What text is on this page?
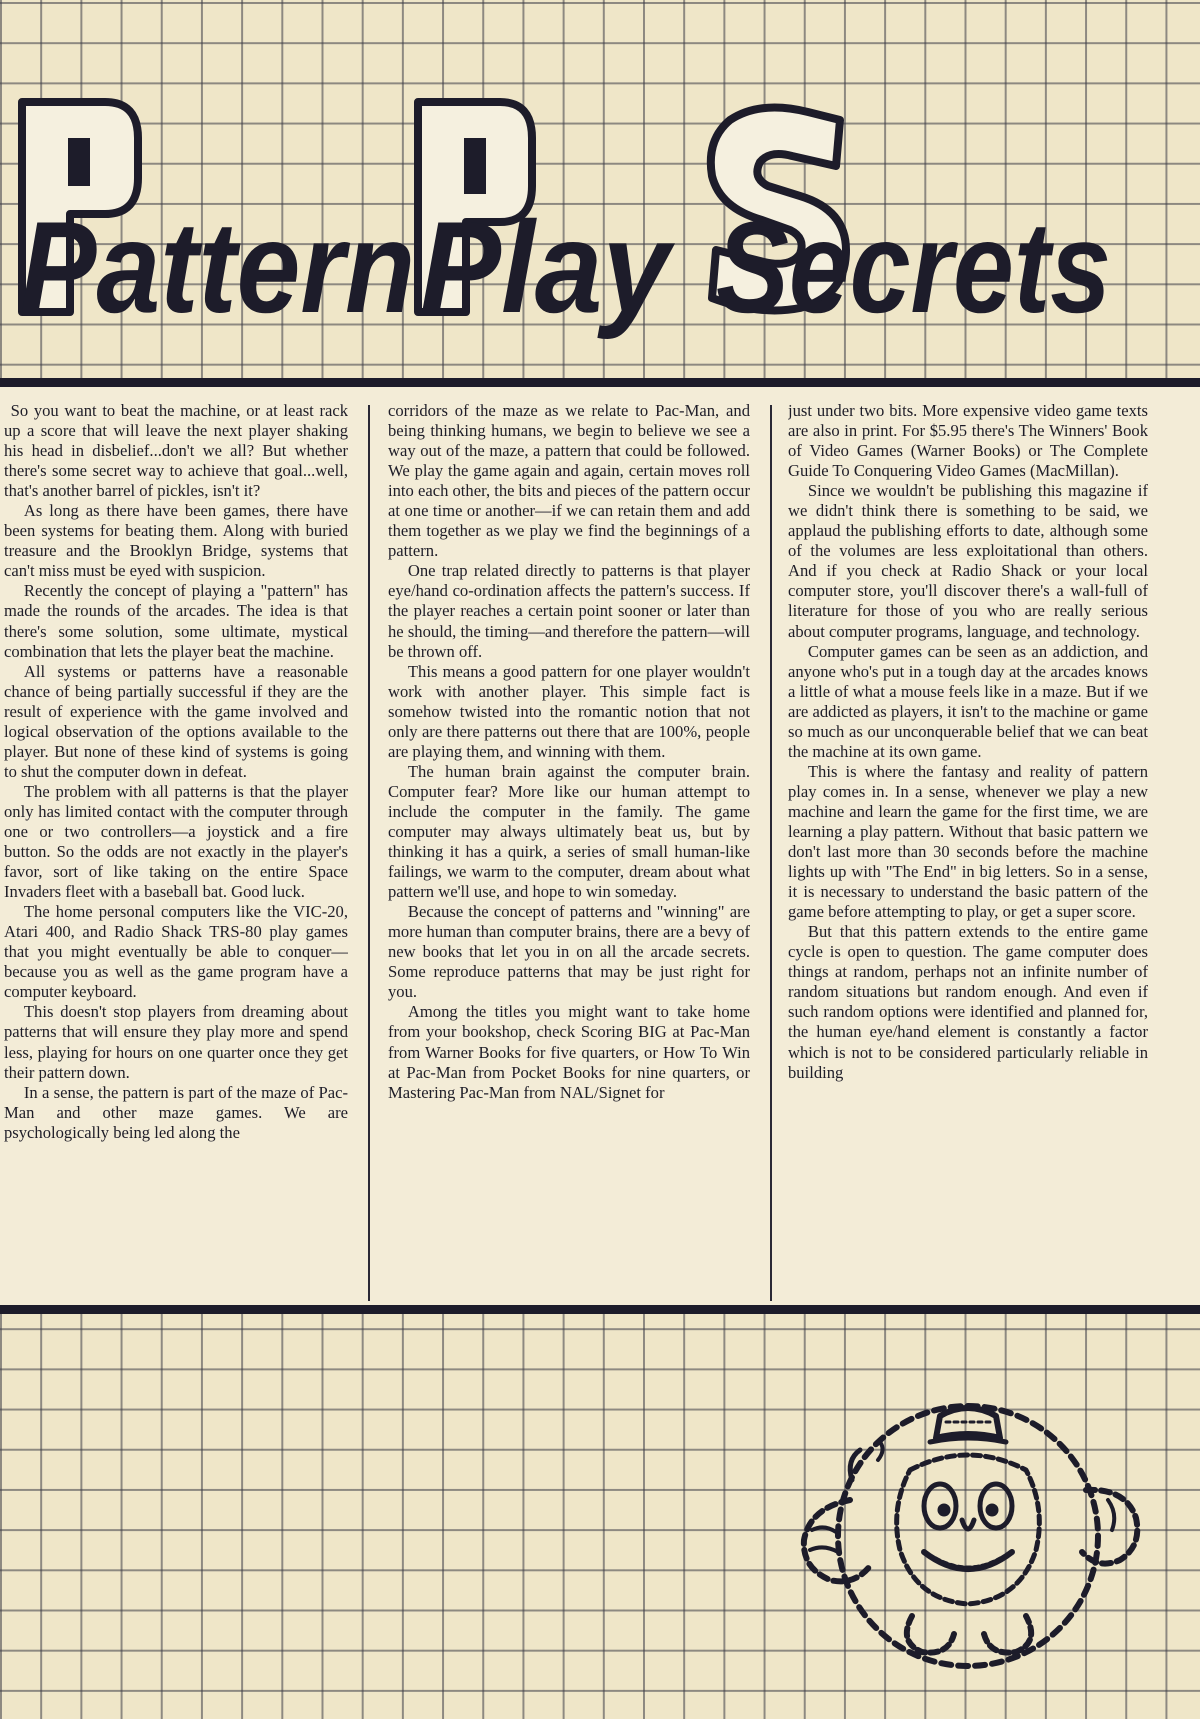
Pattern Play Secrets

So you want to beat the machine, or at least rack up a score that will leave the next player shaking his head in disbelief...don't we all? But whether there's some secret way to achieve that goal...well, that's another barrel of pickles, isn't it?

As long as there have been games, there have been systems for beating them. Along with buried treasure and the Brooklyn Bridge, systems that can't miss must be eyed with suspicion.

Recently the concept of playing a "pattern" has made the rounds of the arcades. The idea is that there's some solution, some ultimate, mystical combination that lets the player beat the machine.

All systems or patterns have a reasonable chance of being partially successful if they are the result of experience with the game involved and logical observation of the options available to the player. But none of these kind of systems is going to shut the computer down in defeat.

The problem with all patterns is that the player only has limited contact with the computer through one or two controllers—a joystick and a fire button. So the odds are not exactly in the player's favor, sort of like taking on the entire Space Invaders fleet with a baseball bat. Good luck.

The home personal computers like the VIC-20, Atari 400, and Radio Shack TRS-80 play games that you might eventually be able to conquer—because you as well as the game program have a computer keyboard.

This doesn't stop players from dreaming about patterns that will ensure they play more and spend less, playing for hours on one quarter once they get their pattern down.

In a sense, the pattern is part of the maze of Pac-Man and other maze games. We are psychologically being led along the

corridors of the maze as we relate to Pac-Man, and being thinking humans, we begin to believe we see a way out of the maze, a pattern that could be followed. We play the game again and again, certain moves roll into each other, the bits and pieces of the pattern occur at one time or another—if we can retain them and add them together as we play we find the beginnings of a pattern.

One trap related directly to patterns is that player eye/hand co-ordination affects the pattern's success. If the player reaches a certain point sooner or later than he should, the timing—and therefore the pattern—will be thrown off.

This means a good pattern for one player wouldn't work with another player. This simple fact is somehow twisted into the romantic notion that not only are there patterns out there that are 100%, people are playing them, and winning with them.

The human brain against the computer brain. Computer fear? More like our human attempt to include the computer in the family. The game computer may always ultimately beat us, but by thinking it has a quirk, a series of small human-like failings, we warm to the computer, dream about what pattern we'll use, and hope to win someday.

Because the concept of patterns and "winning" are more human than computer brains, there are a bevy of new books that let you in on all the arcade secrets. Some reproduce patterns that may be just right for you.

Among the titles you might want to take home from your bookshop, check Scoring BIG at Pac-Man from Warner Books for five quarters, or How To Win at Pac-Man from Pocket Books for nine quarters, or Mastering Pac-Man from NAL/Signet for

just under two bits. More expensive video game texts are also in print. For $5.95 there's The Winners' Book of Video Games (Warner Books) or The Complete Guide To Conquering Video Games (MacMillan).

Since we wouldn't be publishing this magazine if we didn't think there is something to be said, we applaud the publishing efforts to date, although some of the volumes are less exploitational than others. And if you check at Radio Shack or your local computer store, you'll discover there's a wall-full of literature for those of you who are really serious about computer programs, language, and technology.

Computer games can be seen as an addiction, and anyone who's put in a tough day at the arcades knows a little of what a mouse feels like in a maze. But if we are addicted as players, it isn't to the machine or game so much as our unconquerable belief that we can beat the machine at its own game.

This is where the fantasy and reality of pattern play comes in. In a sense, whenever we play a new machine and learn the game for the first time, we are learning a play pattern. Without that basic pattern we don't last more than 30 seconds before the machine lights up with "The End" in big letters. So in a sense, it is necessary to understand the basic pattern of the game before attempting to play, or get a super score.

But that this pattern extends to the entire game cycle is open to question. The game computer does things at random, perhaps not an infinite number of random situations but random enough. And even if such random options were identified and planned for, the human eye/hand element is constantly a factor which is not to be considered particularly reliable in building
